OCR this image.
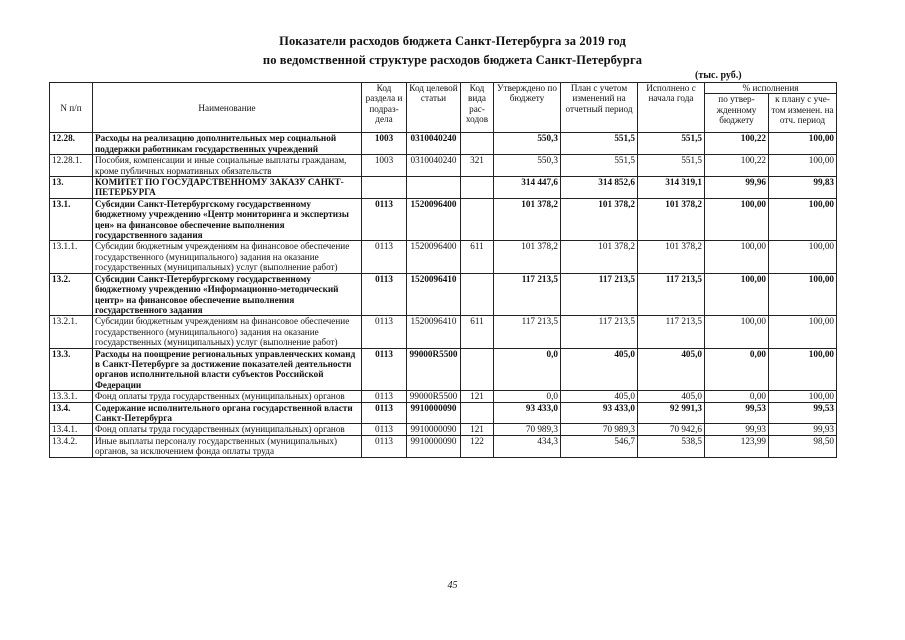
Показатели расходов бюджета Санкт-Петербурга за 2019 год
по ведомственной структуре расходов бюджета Санкт-Петербурга
(тыс. руб.)
N п/п	Наименование	Код раздела и подраз-дела	Код целевой статьи	Код вида рас-ходов	Утверждено по бюджету	План с учетом изменений на отчетный период	Исполнено с начала года	% исполнения	
								по утвер-жденному бюджету	к плану с уче-том изменен. на отч. период
12.28.	Расходы на реализацию дополнительных мер социальной поддержки работникам государственных учреждений	1003	0310040240		550,3	551,5	551,5	100,22	100,00
12.28.1.	Пособия, компенсации и иные социальные выплаты гражданам, кроме публичных нормативных обязательств	1003	0310040240	321	550,3	551,5	551,5	100,22	100,00
13.	КОМИТЕТ ПО ГОСУДАРСТВЕННОМУ ЗАКАЗУ САНКТ-ПЕТЕРБУРГА				314 447,6	314 852,6	314 319,1	99,96	99,83
13.1.	Субсидии Санкт-Петербургскому государственному бюджетному учреждению «Центр мониторинга и экспертизы цен» на финансовое обеспечение выполнения государственного задания	0113	1520096400		101 378,2	101 378,2	101 378,2	100,00	100,00
13.1.1.	Субсидии бюджетным учреждениям на финансовое обеспечение государственного (муниципального) задания на оказание государственных (муниципальных) услуг (выполнение работ)	0113	1520096400	611	101 378,2	101 378,2	101 378,2	100,00	100,00
13.2.	Субсидии Санкт-Петербургскому государственному бюджетному учреждению «Информационно-методический центр» на финансовое обеспечение выполнения государственного задания	0113	1520096410		117 213,5	117 213,5	117 213,5	100,00	100,00
13.2.1.	Субсидии бюджетным учреждениям на финансовое обеспечение государственного (муниципального) задания на оказание государственных (муниципальных) услуг (выполнение работ)	0113	1520096410	611	117 213,5	117 213,5	117 213,5	100,00	100,00
13.3.	Расходы на поощрение региональных управленческих команд в Санкт-Петербурге за достижение показателей деятельности органов исполнительной власти субъектов Российской Федерации	0113	99000R5500		0,0	405,0	405,0	0,00	100,00
13.3.1.	Фонд оплаты труда государственных (муниципальных) органов	0113	99000R5500	121	0,0	405,0	405,0	0,00	100,00
13.4.	Содержание исполнительного органа государственной власти Санкт-Петербурга	0113	9910000090		93 433,0	93 433,0	92 991,3	99,53	99,53
13.4.1.	Фонд оплаты труда государственных (муниципальных) органов	0113	9910000090	121	70 989,3	70 989,3	70 942,6	99,93	99,93
13.4.2.	Иные выплаты персоналу государственных (муниципальных) органов, за исключением фонда оплаты труда	0113	9910000090	122	434,3	546,7	538,5	123,99	98,50
45
